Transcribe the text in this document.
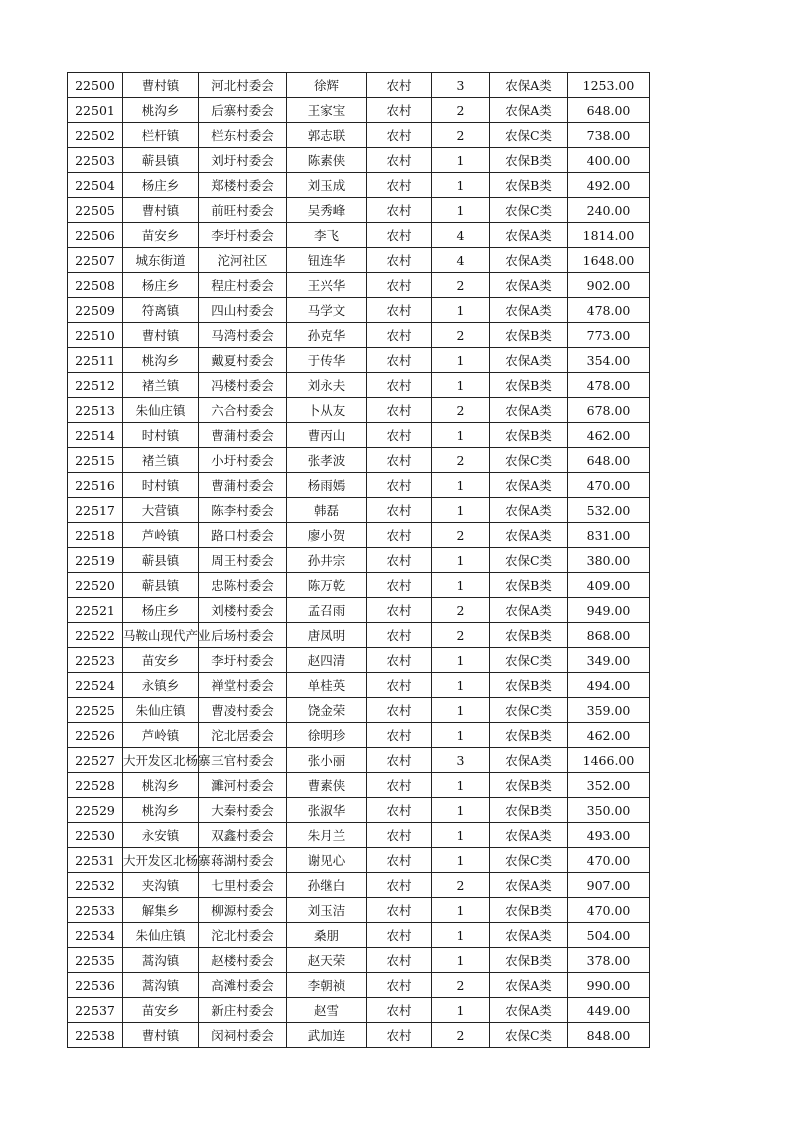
22500	曹村镇	河北村委会	徐辉	农村	3	农保A类	1253.00
22501	桃沟乡	后寨村委会	王家宝	农村	2	农保A类	648.00
22502	栏杆镇	栏东村委会	郭志联	农村	2	农保C类	738.00
22503	蕲县镇	刘圩村委会	陈素侠	农村	1	农保B类	400.00
22504	杨庄乡	郑楼村委会	刘玉成	农村	1	农保B类	492.00
22505	曹村镇	前旺村委会	吴秀峰	农村	1	农保C类	240.00
22506	苗安乡	李圩村委会	李飞	农村	4	农保A类	1814.00
22507	城东街道	沱河社区	钮连华	农村	4	农保A类	1648.00
22508	杨庄乡	程庄村委会	王兴华	农村	2	农保A类	902.00
22509	符离镇	四山村委会	马学文	农村	1	农保A类	478.00
22510	曹村镇	马湾村委会	孙克华	农村	2	农保B类	773.00
22511	桃沟乡	戴夏村委会	于传华	农村	1	农保A类	354.00
22512	褚兰镇	冯楼村委会	刘永夫	农村	1	农保B类	478.00
22513	朱仙庄镇	六合村委会	卜从友	农村	2	农保A类	678.00
22514	时村镇	曹蒲村委会	曹丙山	农村	1	农保B类	462.00
22515	褚兰镇	小圩村委会	张孝波	农村	2	农保C类	648.00
22516	时村镇	曹蒲村委会	杨雨嫣	农村	1	农保A类	470.00
22517	大营镇	陈李村委会	韩磊	农村	1	农保A类	532.00
22518	芦岭镇	路口村委会	廖小贺	农村	2	农保A类	831.00
22519	蕲县镇	周王村委会	孙井宗	农村	1	农保C类	380.00
22520	蕲县镇	忠陈村委会	陈万乾	农村	1	农保B类	409.00
22521	杨庄乡	刘楼村委会	孟召雨	农村	2	农保A类	949.00
22522	马鞍山现代产业	后场村委会	唐凤明	农村	2	农保B类	868.00
22523	苗安乡	李圩村委会	赵四清	农村	1	农保C类	349.00
22524	永镇乡	禅堂村委会	单桂英	农村	1	农保B类	494.00
22525	朱仙庄镇	曹凌村委会	饶金荣	农村	1	农保C类	359.00
22526	芦岭镇	沱北居委会	徐明珍	农村	1	农保B类	462.00
22527	大开发区北杨寨	三官村委会	张小丽	农村	3	农保A类	1466.00
22528	桃沟乡	濉河村委会	曹素侠	农村	1	农保B类	352.00
22529	桃沟乡	大秦村委会	张淑华	农村	1	农保B类	350.00
22530	永安镇	双鑫村委会	朱月兰	农村	1	农保A类	493.00
22531	大开发区北杨寨	蒋湖村委会	谢见心	农村	1	农保C类	470.00
22532	夹沟镇	七里村委会	孙继白	农村	2	农保A类	907.00
22533	解集乡	柳源村委会	刘玉洁	农村	1	农保B类	470.00
22534	朱仙庄镇	沱北村委会	桑朋	农村	1	农保A类	504.00
22535	蒿沟镇	赵楼村委会	赵天荣	农村	1	农保B类	378.00
22536	蒿沟镇	高滩村委会	李朝祯	农村	2	农保A类	990.00
22537	苗安乡	新庄村委会	赵雪	农村	1	农保A类	449.00
22538	曹村镇	闵祠村委会	武加连	农村	2	农保C类	848.00
